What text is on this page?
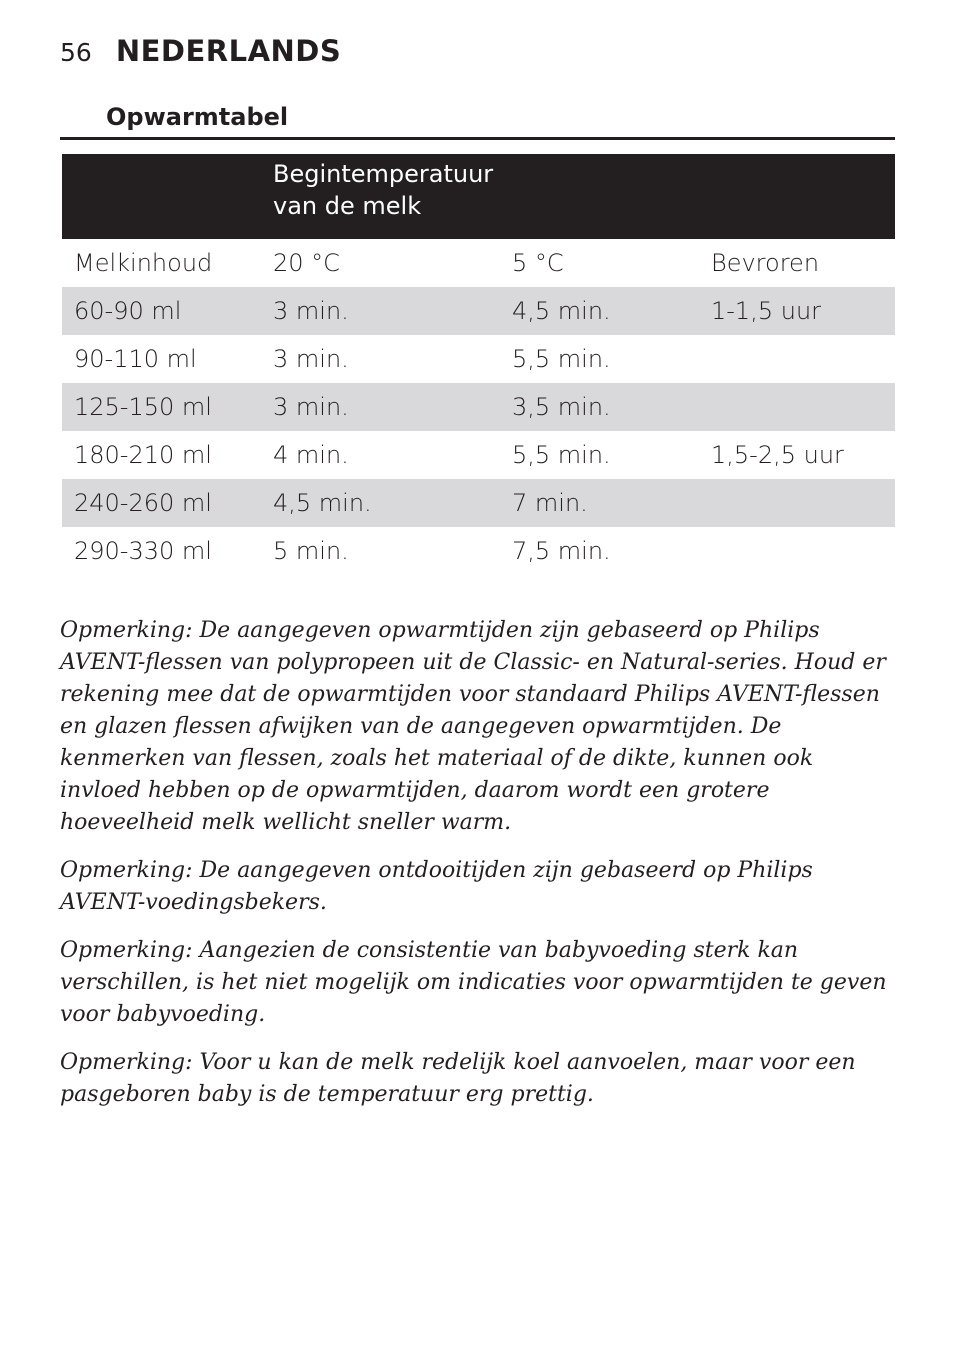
56 NEDERLANDS
Opwarmtabel
Begintemperatuur
van de melk
Melkinhoud	20 °C	5 °C	Bevroren
60-90 ml	3 min.	4,5 min.	1-1,5 uur
90-110 ml	3 min.	5,5 min.
125-150 ml	3 min.	3,5 min.
180-210 ml	4 min.	5,5 min.	1,5-2,5 uur
240-260 ml	4,5 min.	7 min.
290-330 ml	5 min.	7,5 min.

Opmerking: De aangegeven opwarmtijden zijn gebaseerd op Philips AVENT-flessen van polypropeen uit de Classic- en Natural-series. Houd er rekening mee dat de opwarmtijden voor standaard Philips AVENT-flessen en glazen flessen afwijken van de aangegeven opwarmtijden. De kenmerken van flessen, zoals het materiaal of de dikte, kunnen ook invloed hebben op de opwarmtijden, daarom wordt een grotere hoeveelheid melk wellicht sneller warm.

Opmerking: De aangegeven ontdooitijden zijn gebaseerd op Philips AVENT-voedingsbekers.

Opmerking: Aangezien de consistentie van babyvoeding sterk kan verschillen, is het niet mogelijk om indicaties voor opwarmtijden te geven voor babyvoeding.

Opmerking: Voor u kan de melk redelijk koel aanvoelen, maar voor een pasgeboren baby is de temperatuur erg prettig.
